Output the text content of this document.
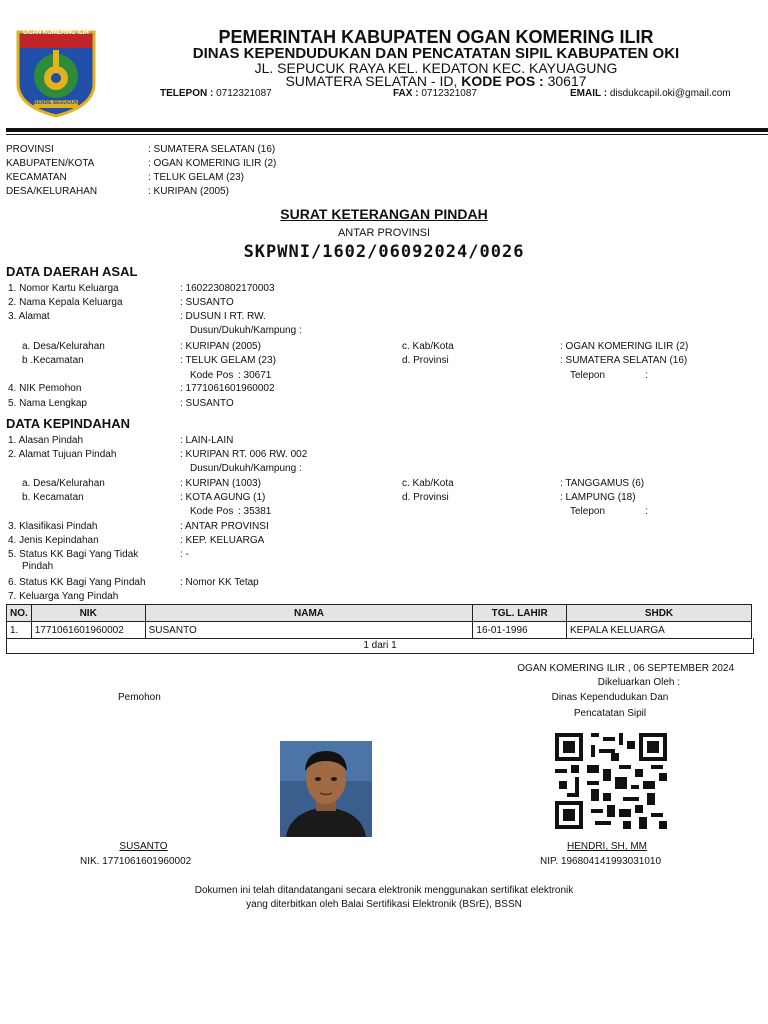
OGAN KOMERING ILIR
BENDE SEGUGUK
PEMERINTAH KABUPATEN OGAN KOMERING ILIR
DINAS KEPENDUDUKAN DAN PENCATATAN SIPIL KABUPATEN OKI
JL. SEPUCUK RAYA KEL. KEDATON KEC. KAYUAGUNG
SUMATERA SELATAN - ID, KODE POS : 30617
TELEPON : 0712321087	FAX : 0712321087	EMAIL : disdukcapil.oki@gmail.com
PROVINSI	: SUMATERA SELATAN (16)
KABUPATEN/KOTA	: OGAN KOMERING ILIR (2)
KECAMATAN	: TELUK GELAM (23)
DESA/KELURAHAN	: KURIPAN (2005)
SURAT KETERANGAN PINDAH
ANTAR PROVINSI
SKPWNI/1602/06092024/0026
DATA DAERAH ASAL
1. Nomor Kartu Keluarga	: 1602230802170003
2. Nama Kepala Keluarga	: SUSANTO
3. Alamat	: DUSUN I RT. RW.
Dusun/Dukuh/Kampung :
a. Desa/Kelurahan	: KURIPAN (2005)	c. Kab/Kota	: OGAN KOMERING ILIR (2)
b .Kecamatan	: TELUK GELAM (23)	d. Provinsi	: SUMATERA SELATAN (16)
Kode Pos : 30671	Telepon	:
4. NIK Pemohon	: 1771061601960002
5. Nama Lengkap	: SUSANTO
DATA KEPINDAHAN
1. Alasan Pindah	: LAIN-LAIN
2. Alamat Tujuan Pindah	: KURIPAN RT. 006 RW. 002
Dusun/Dukuh/Kampung :
a. Desa/Kelurahan	: KURIPAN (1003)	c. Kab/Kota	: TANGGAMUS (6)
b. Kecamatan	: KOTA AGUNG (1)	d. Provinsi	: LAMPUNG (18)
Kode Pos : 35381	Telepon	:
3. Klasifikasi Pindah	: ANTAR PROVINSI
4. Jenis Kepindahan	: KEP. KELUARGA
5. Status KK Bagi Yang Tidak
Pindah
: -
6. Status KK Bagi Yang Pindah	: Nomor KK Tetap
7. Keluarga Yang Pindah
NO.	NIK	NAMA	TGL. LAHIR	SHDK
1.	1771061601960002	SUSANTO	16-01-1996	KEPALA KELUARGA
1 dari 1
OGAN KOMERING ILIR , 06 SEPTEMBER 2024
Dikeluarkan Oleh :
Dinas Kependudukan Dan
Pencatatan Sipil
Pemohon
SUSANTO
NIK. 1771061601960002
HENDRI, SH, MM
NIP. 196804141993031010
Dokumen ini telah ditandatangani secara elektronik menggunakan sertifikat elektronik
yang diterbitkan oleh Balai Sertifikasi Elektronik (BSrE), BSSN
